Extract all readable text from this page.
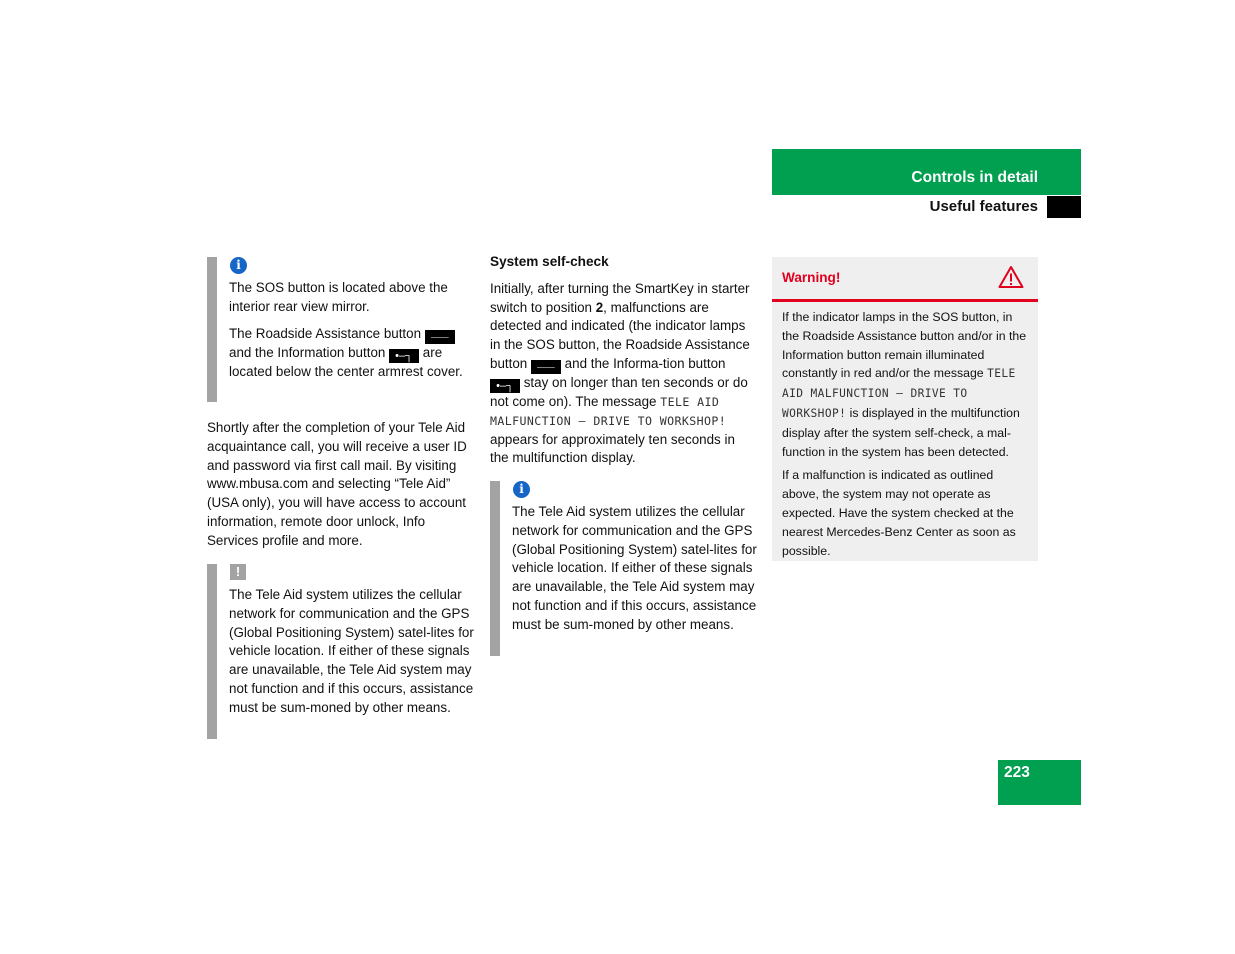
Controls in detail
Useful features
i

The SOS button is located above the interior rear view mirror.

The Roadside Assistance button ⸺ and the Information button •–┐ are located below the center armrest cover.

Shortly after the completion of your Tele Aid acquaintance call, you will receive a user ID and password via first call mail. By visiting www.mbusa.com and selecting “Tele Aid” (USA only), you will have access to account information, remote door unlock, Info Services profile and more.

!

The Tele Aid system utilizes the cellular network for communication and the GPS (Global Positioning System) satel-lites for vehicle location. If either of these signals are unavailable, the Tele Aid system may not function and if this occurs, assistance must be sum-moned by other means.

System self-check

Initially, after turning the SmartKey in starter switch to position 2, malfunctions are detected and indicated (the indicator lamps in the SOS button, the Roadside Assistance button ⸺ and the Informa-tion button •–┐ stay on longer than ten seconds or do not come on). The message TELE AID MALFUNCTION – DRIVE TO WORKSHOP! appears for approximately ten seconds in the multifunction display.

i

The Tele Aid system utilizes the cellular network for communication and the GPS (Global Positioning System) satel-lites for vehicle location. If either of these signals are unavailable, the Tele Aid system may not function and if this occurs, assistance must be sum-moned by other means.

Warning!

If the indicator lamps in the SOS button, in the Roadside Assistance button and/or in the Information button remain illuminated constantly in red and/or the message TELE AID MALFUNCTION – DRIVE TO WORKSHOP! is displayed in the multifunction display after the system self-check, a mal-function in the system has been detected.

If a malfunction is indicated as outlined above, the system may not operate as expected. Have the system checked at the nearest Mercedes-Benz Center as soon as possible.

223
